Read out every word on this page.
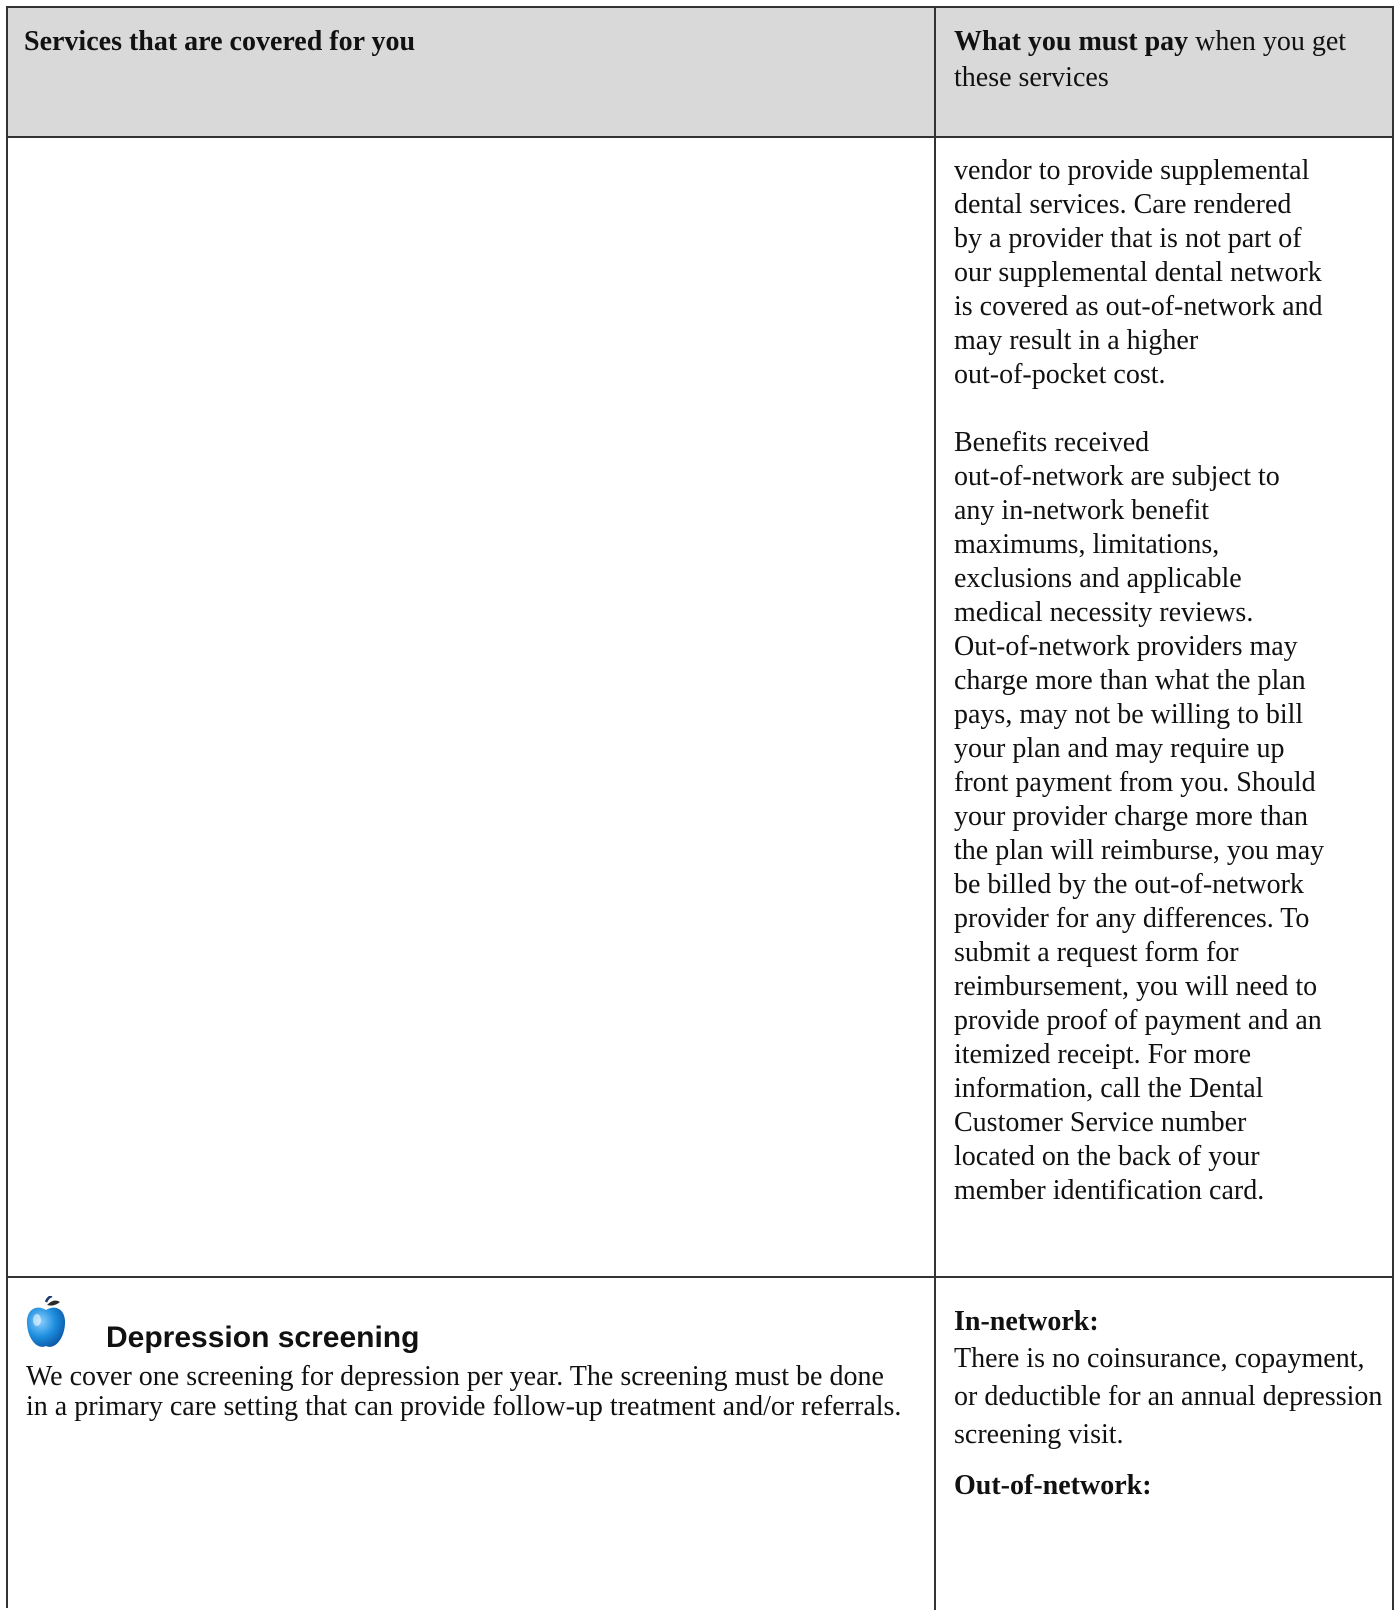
Services that are covered for you	What you must pay when you get these services

vendor to provide supplemental
dental services. Care rendered
by a provider that is not part of
our supplemental dental network
is covered as out-of-network and
may result in a higher
out-of-pocket cost.

Benefits received
out-of-network are subject to
any in-network benefit
maximums, limitations,
exclusions and applicable
medical necessity reviews.
Out-of-network providers may
charge more than what the plan
pays, may not be willing to bill
your plan and may require up
front payment from you. Should
your provider charge more than
the plan will reimburse, you may
be billed by the out-of-network
provider for any differences. To
submit a request form for
reimbursement, you will need to
provide proof of payment and an
itemized receipt. For more
information, call the Dental
Customer Service number
located on the back of your
member identification card.

Depression screening

We cover one screening for depression per year. The screening must be done in a primary care setting that can provide follow-up treatment and/or referrals.

In-network:

There is no coinsurance, copayment, or deductible for an annual depression screening visit.

Out-of-network:
